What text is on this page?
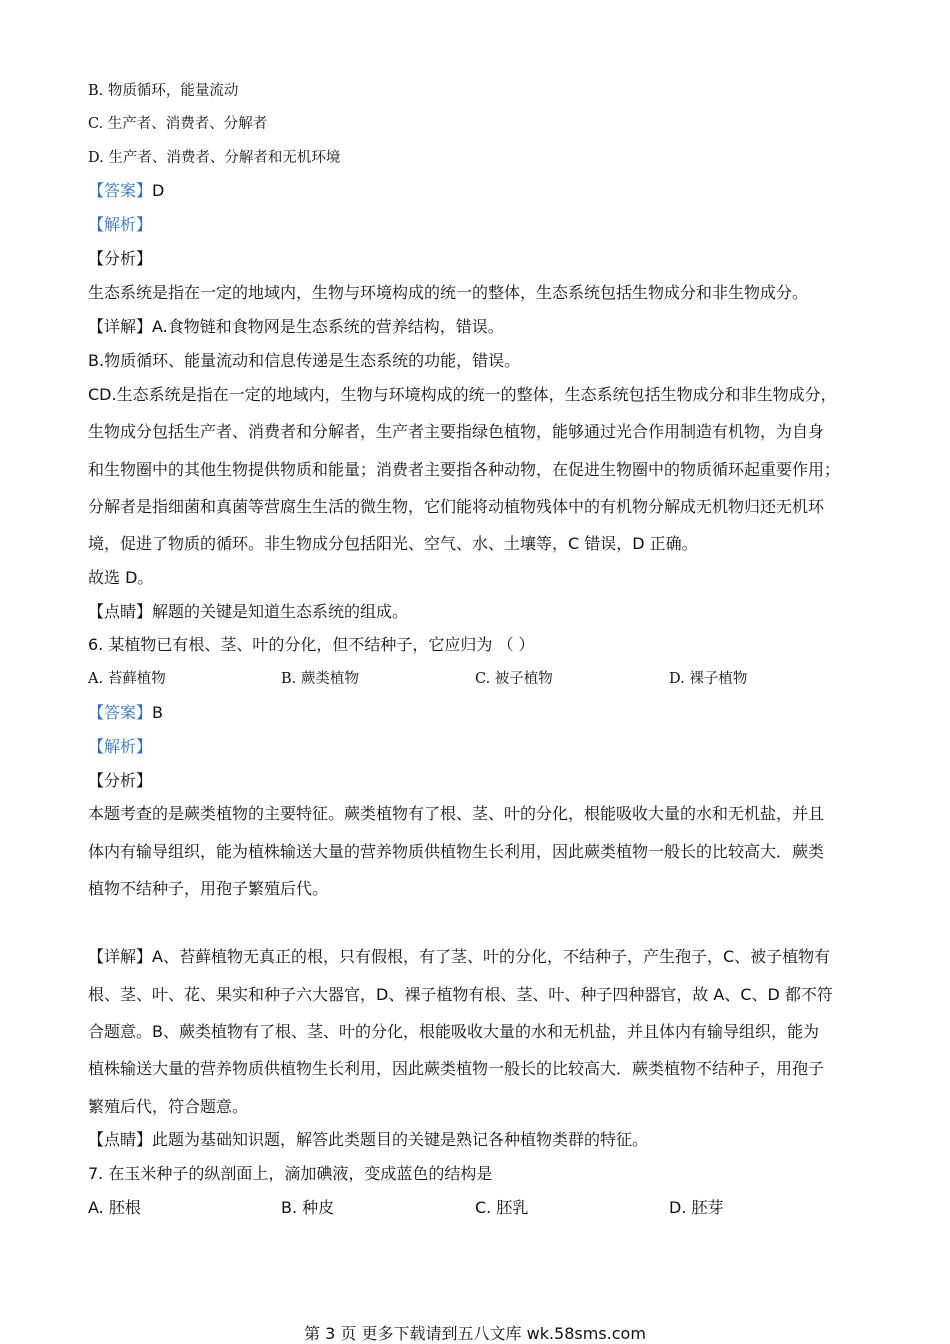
B. 物质循环，能量流动
C. 生产者、消费者、分解者
D. 生产者、消费者、分解者和无机环境
【答案】D
【解析】
【分析】
生态系统是指在一定的地域内，生物与环境构成的统一的整体，生态系统包括生物成分和非生物成分。
【详解】A.食物链和食物网是生态系统的营养结构，错误。
B.物质循环、能量流动和信息传递是生态系统的功能，错误。
CD.生态系统是指在一定的地域内，生物与环境构成的统一的整体，生态系统包括生物成分和非生物成分，
生物成分包括生产者、消费者和分解者，生产者主要指绿色植物，能够通过光合作用制造有机物，为自身
和生物圈中的其他生物提供物质和能量；消费者主要指各种动物，在促进生物圈中的物质循环起重要作用；
分解者是指细菌和真菌等营腐生生活的微生物，它们能将动植物残体中的有机物分解成无机物归还无机环
境，促进了物质的循环。非生物成分包括阳光、空气、水、土壤等，C 错误，D 正确。
故选 D。
【点睛】解题的关键是知道生态系统的组成。
6. 某植物已有根、茎、叶的分化，但不结种子，它应归为 （ ）
A. 苔藓植物	B. 蕨类植物	C. 被子植物	D. 裸子植物
【答案】B
【解析】
【分析】
本题考查的是蕨类植物的主要特征。蕨类植物有了根、茎、叶的分化，根能吸收大量的水和无机盐，并且
体内有输导组织，能为植株输送大量的营养物质供植物生长利用，因此蕨类植物一般长的比较高大．蕨类
植物不结种子，用孢子繁殖后代。
【详解】A、苔藓植物无真正的根，只有假根，有了茎、叶的分化，不结种子，产生孢子，C、被子植物有
根、茎、叶、花、果实和种子六大器官，D、裸子植物有根、茎、叶、种子四种器官，故 A、C、D 都不符
合题意。B、蕨类植物有了根、茎、叶的分化，根能吸收大量的水和无机盐，并且体内有输导组织，能为
植株输送大量的营养物质供植物生长利用，因此蕨类植物一般长的比较高大．蕨类植物不结种子，用孢子
繁殖后代，符合题意。
【点睛】此题为基础知识题，解答此类题目的关键是熟记各种植物类群的特征。
7. 在玉米种子的纵剖面上，滴加碘液，变成蓝色的结构是
A. 胚根	B. 种皮	C. 胚乳	D. 胚芽
第 3 页 更多下载请到五八文库 wk.58sms.com
